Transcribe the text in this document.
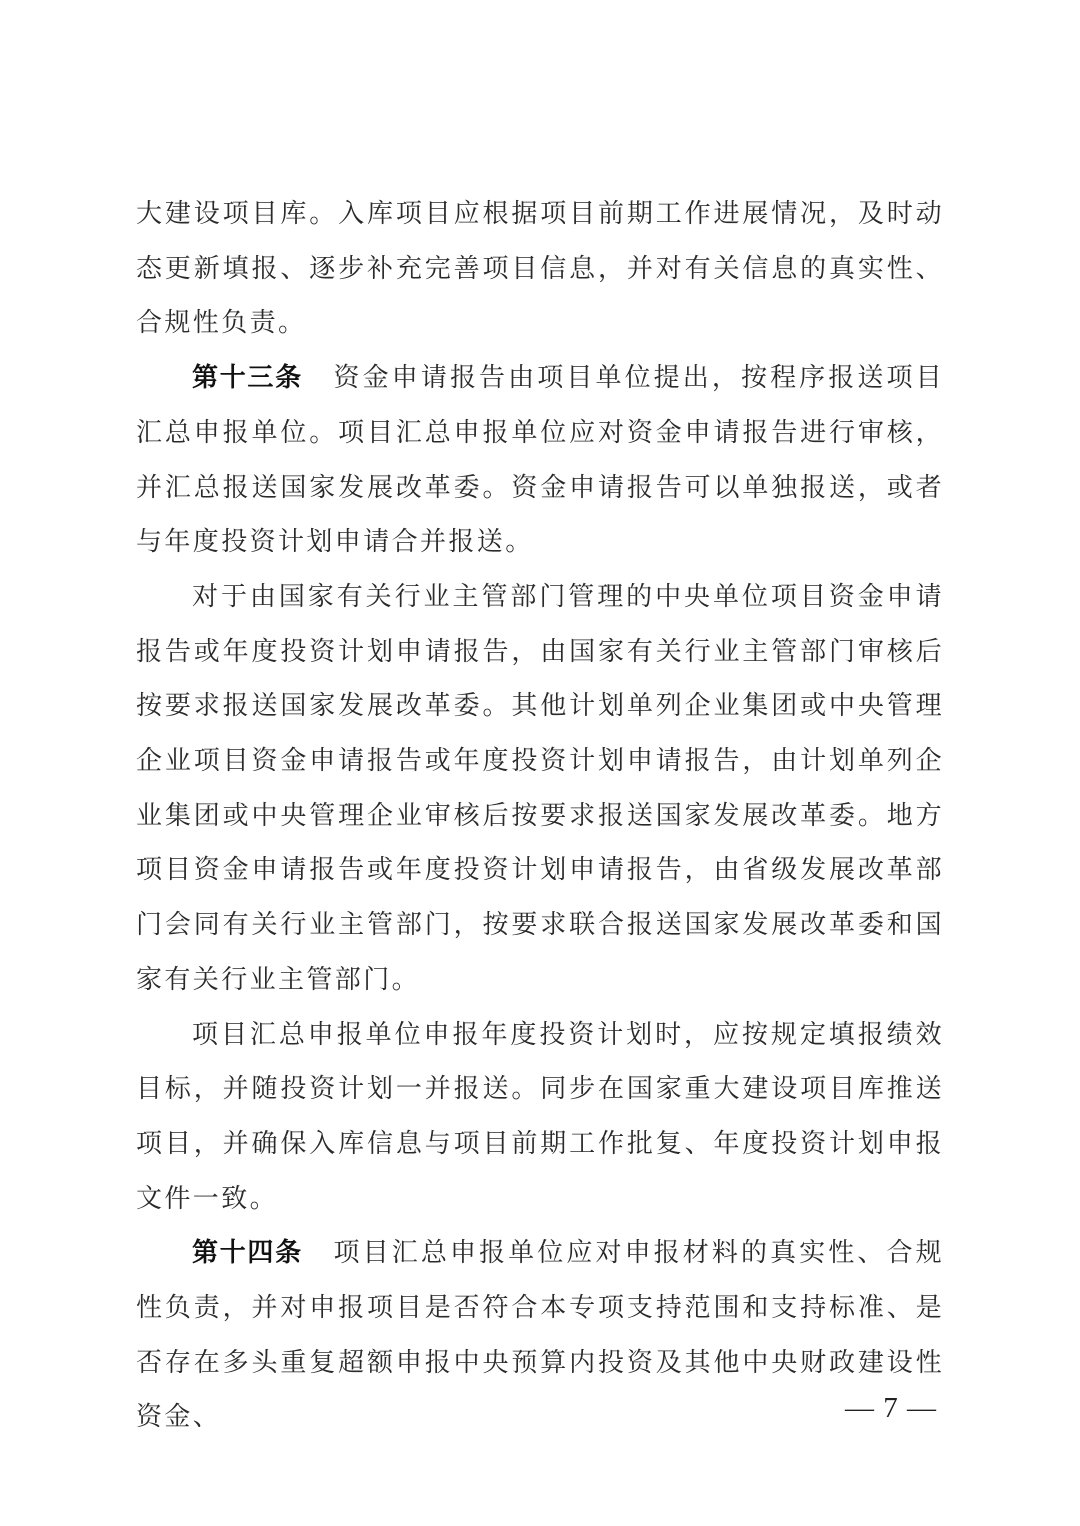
大建设项目库。入库项目应根据项目前期工作进展情况，及时动态更新填报、逐步补充完善项目信息，并对有关信息的真实性、合规性负责。

第十三条 资金申请报告由项目单位提出，按程序报送项目汇总申报单位。项目汇总申报单位应对资金申请报告进行审核，并汇总报送国家发展改革委。资金申请报告可以单独报送，或者与年度投资计划申请合并报送。

对于由国家有关行业主管部门管理的中央单位项目资金申请报告或年度投资计划申请报告，由国家有关行业主管部门审核后按要求报送国家发展改革委。其他计划单列企业集团或中央管理企业项目资金申请报告或年度投资计划申请报告，由计划单列企业集团或中央管理企业审核后按要求报送国家发展改革委。地方项目资金申请报告或年度投资计划申请报告，由省级发展改革部门会同有关行业主管部门，按要求联合报送国家发展改革委和国家有关行业主管部门。

项目汇总申报单位申报年度投资计划时，应按规定填报绩效目标，并随投资计划一并报送。同步在国家重大建设项目库推送项目，并确保入库信息与项目前期工作批复、年度投资计划申报文件一致。

第十四条 项目汇总申报单位应对申报材料的真实性、合规性负责，并对申报项目是否符合本专项支持范围和支持标准、是否存在多头重复超额申报中央预算内投资及其他中央财政建设性资金、	— 7 —
